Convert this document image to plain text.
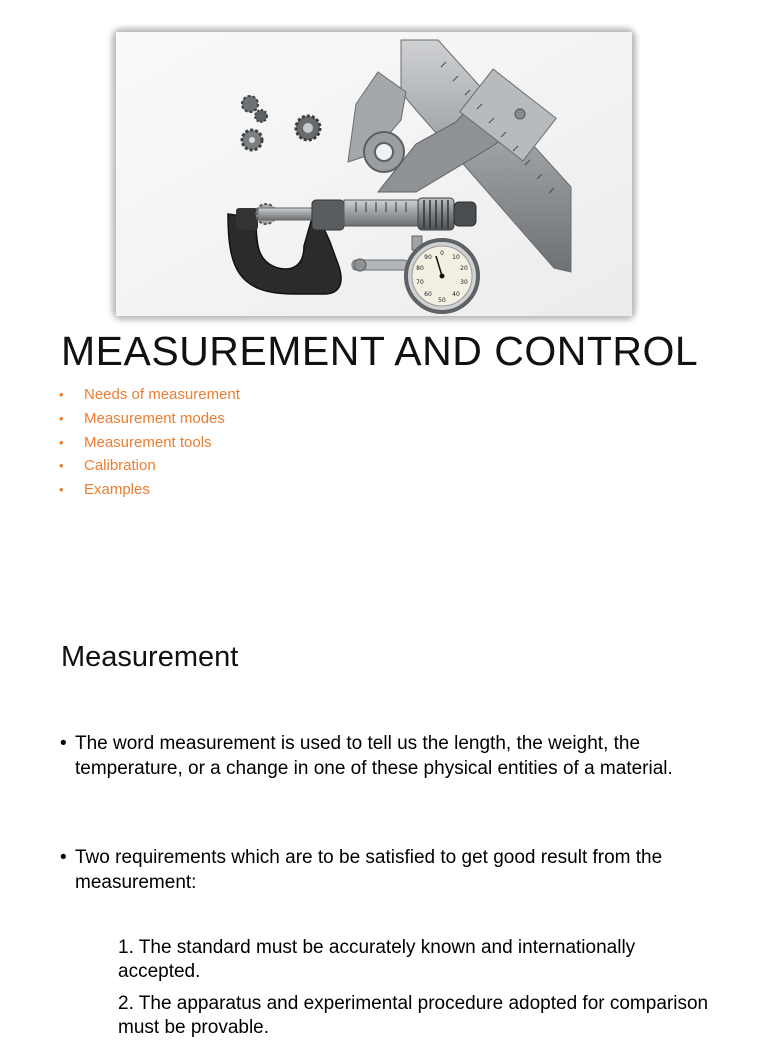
0
10
20
30
40
50
60
70
80
90
MEASUREMENT AND CONTROL
• Needs of measurement
• Measurement modes
• Measurement tools
• Calibration
• Examples
Measurement

• The word measurement is used to tell us the length, the weight, the temperature, or a change in one of these physical entities of a material.

• Two requirements which are to be satisfied to get good result from the measurement:

1. The standard must be accurately known and internationally accepted.

2. The apparatus and experimental procedure adopted for comparison must be provable.
